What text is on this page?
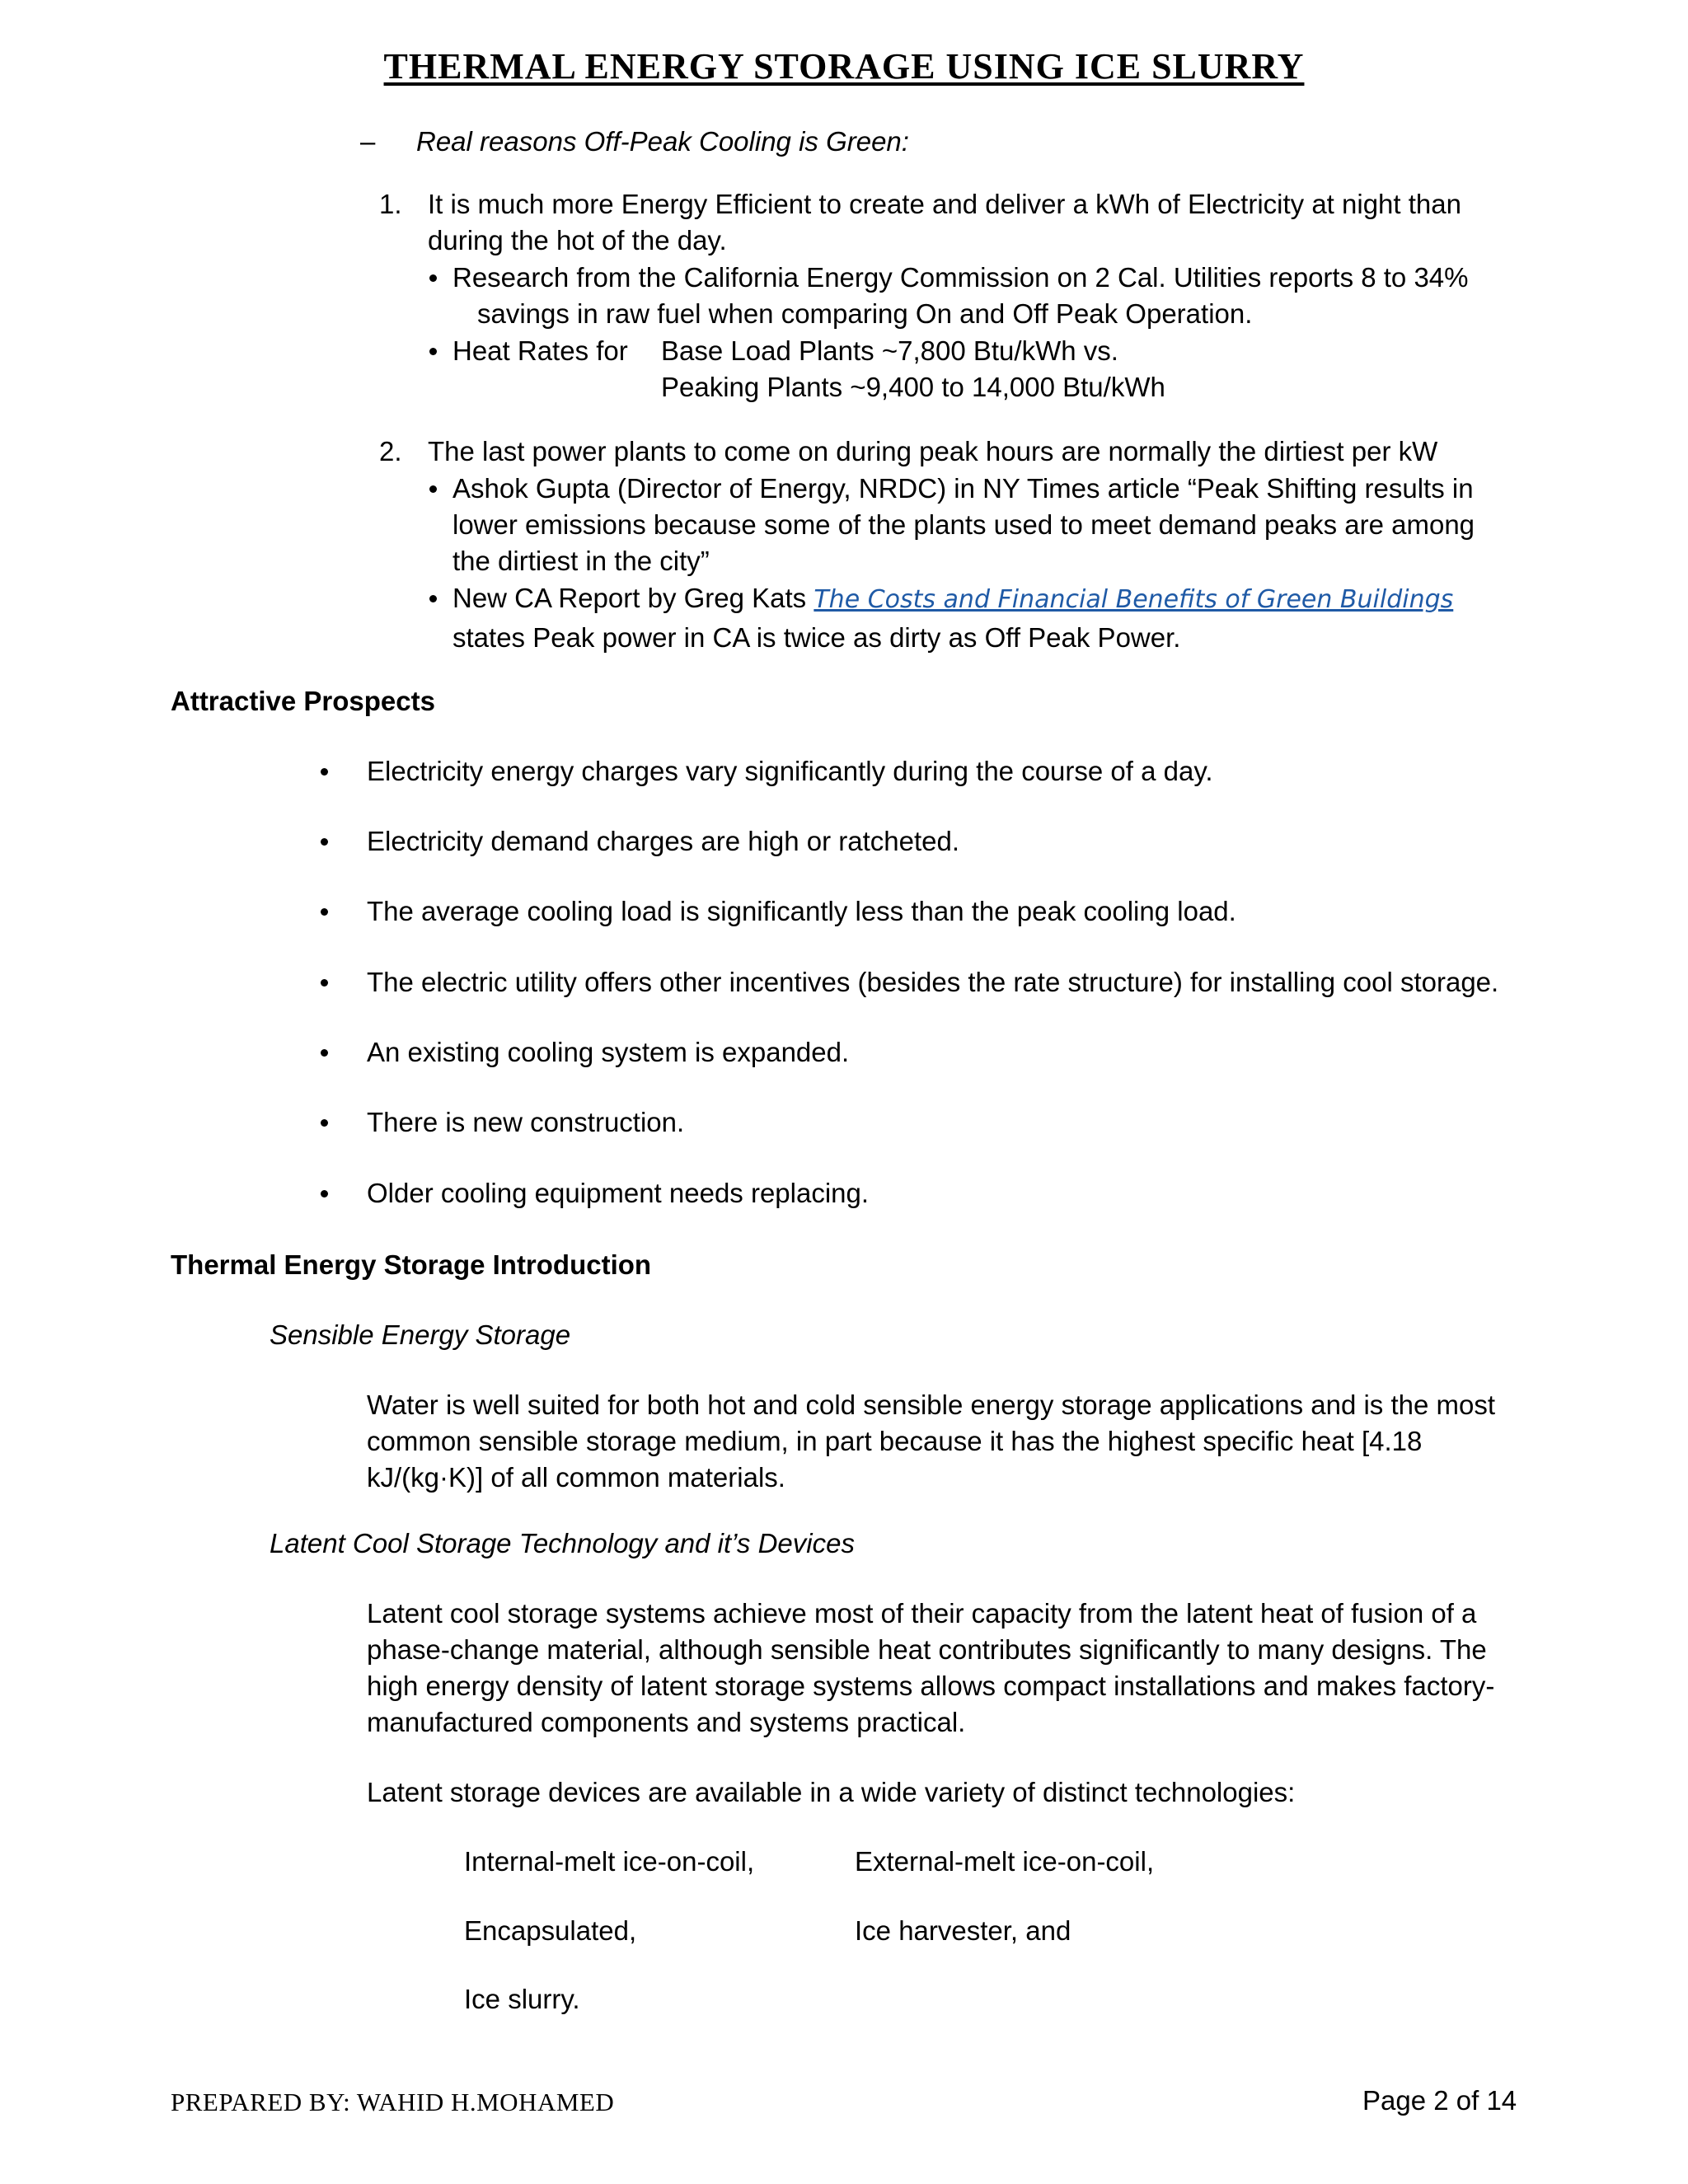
THERMAL ENERGY STORAGE USING ICE SLURRY
– Real reasons Off-Peak Cooling is Green:
1. It is much more Energy Efficient to create and deliver a kWh of Electricity at night than
during the hot of the day.
Research from the California Energy Commission on 2 Cal. Utilities reports 8 to 34%
savings in raw fuel when comparing On and Off Peak Operation.
Heat Rates for Base Load Plants ~7,800 Btu/kWh vs.
Peaking Plants ~9,400 to 14,000 Btu/kWh
2. The last power plants to come on during peak hours are normally the dirtiest per kW
Ashok Gupta (Director of Energy, NRDC) in NY Times article “Peak Shifting results in
lower emissions because some of the plants used to meet demand peaks are among
the dirtiest in the city”
New CA Report by Greg Kats The Costs and Financial Benefits of Green Buildings
states Peak power in CA is twice as dirty as Off Peak Power.
Attractive Prospects
Electricity energy charges vary significantly during the course of a day.
Electricity demand charges are high or ratcheted.
The average cooling load is significantly less than the peak cooling load.
The electric utility offers other incentives (besides the rate structure) for installing cool storage.
An existing cooling system is expanded.
There is new construction.
Older cooling equipment needs replacing.
Thermal Energy Storage Introduction
Sensible Energy Storage
Water is well suited for both hot and cold sensible energy storage applications and is the most
common sensible storage medium, in part because it has the highest specific heat [4.18
kJ/(kg·K)] of all common materials.
Latent Cool Storage Technology and it’s Devices
Latent cool storage systems achieve most of their capacity from the latent heat of fusion of a
phase-change material, although sensible heat contributes significantly to many designs. The
high energy density of latent storage systems allows compact installations and makes factory-
manufactured components and systems practical.
Latent storage devices are available in a wide variety of distinct technologies:
Internal-melt ice-on-coil,	External-melt ice-on-coil,
Encapsulated,	Ice harvester, and
Ice slurry.
PREPARED BY: WAHID H.MOHAMED	Page 2 of 14
